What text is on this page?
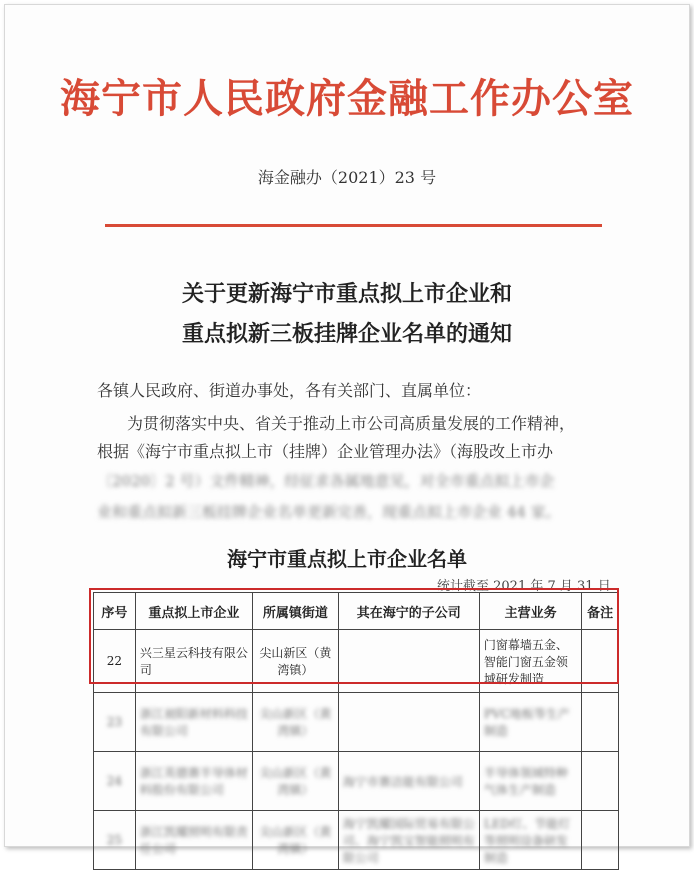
海宁市人民政府金融工作办公室
海金融办（2021）23 号
关于更新海宁市重点拟上市企业和
重点拟新三板挂牌企业名单的通知
各镇人民政府、街道办事处，各有关部门、直属单位：
为贯彻落实中央、省关于推动上市公司高质量发展的工作精神，
根据《海宁市重点拟上市（挂牌）企业管理办法》（海股改上市办
〔2020〕2 号）文件精神，经征求各属地意见，对全市重点拟上市企
业和重点拟新三板挂牌企业名单更新完善，现重点拟上市企业 44 家。
海宁市重点拟上市企业名单
统计截至 2021 年 7 月 31 日
序号	重点拟上市企业	所属镇街道	其在海宁的子公司	主营业务	备注
22	兴三星云科技有限公司	尖山新区（黄湾镇）		门窗幕墙五金、智能门窗五金领域研发制造	
23	浙江昶阳新材料科技有限公司	尖山新区（黄湾镇）		PVC地板等生产制造	
24	浙江英德赛半导体材料股份有限公司	尖山新区（黄湾镇）	海宁市赛洁能有限公司	半导体领域特种气体生产制造	
25	浙江凯耀照明有限责任公司	尖山新区（黄湾镇）	海宁凯耀国际贸易有限公司、海宁凯宝智能照明有限公司	LED灯、节能灯等照明设备研发制造	
